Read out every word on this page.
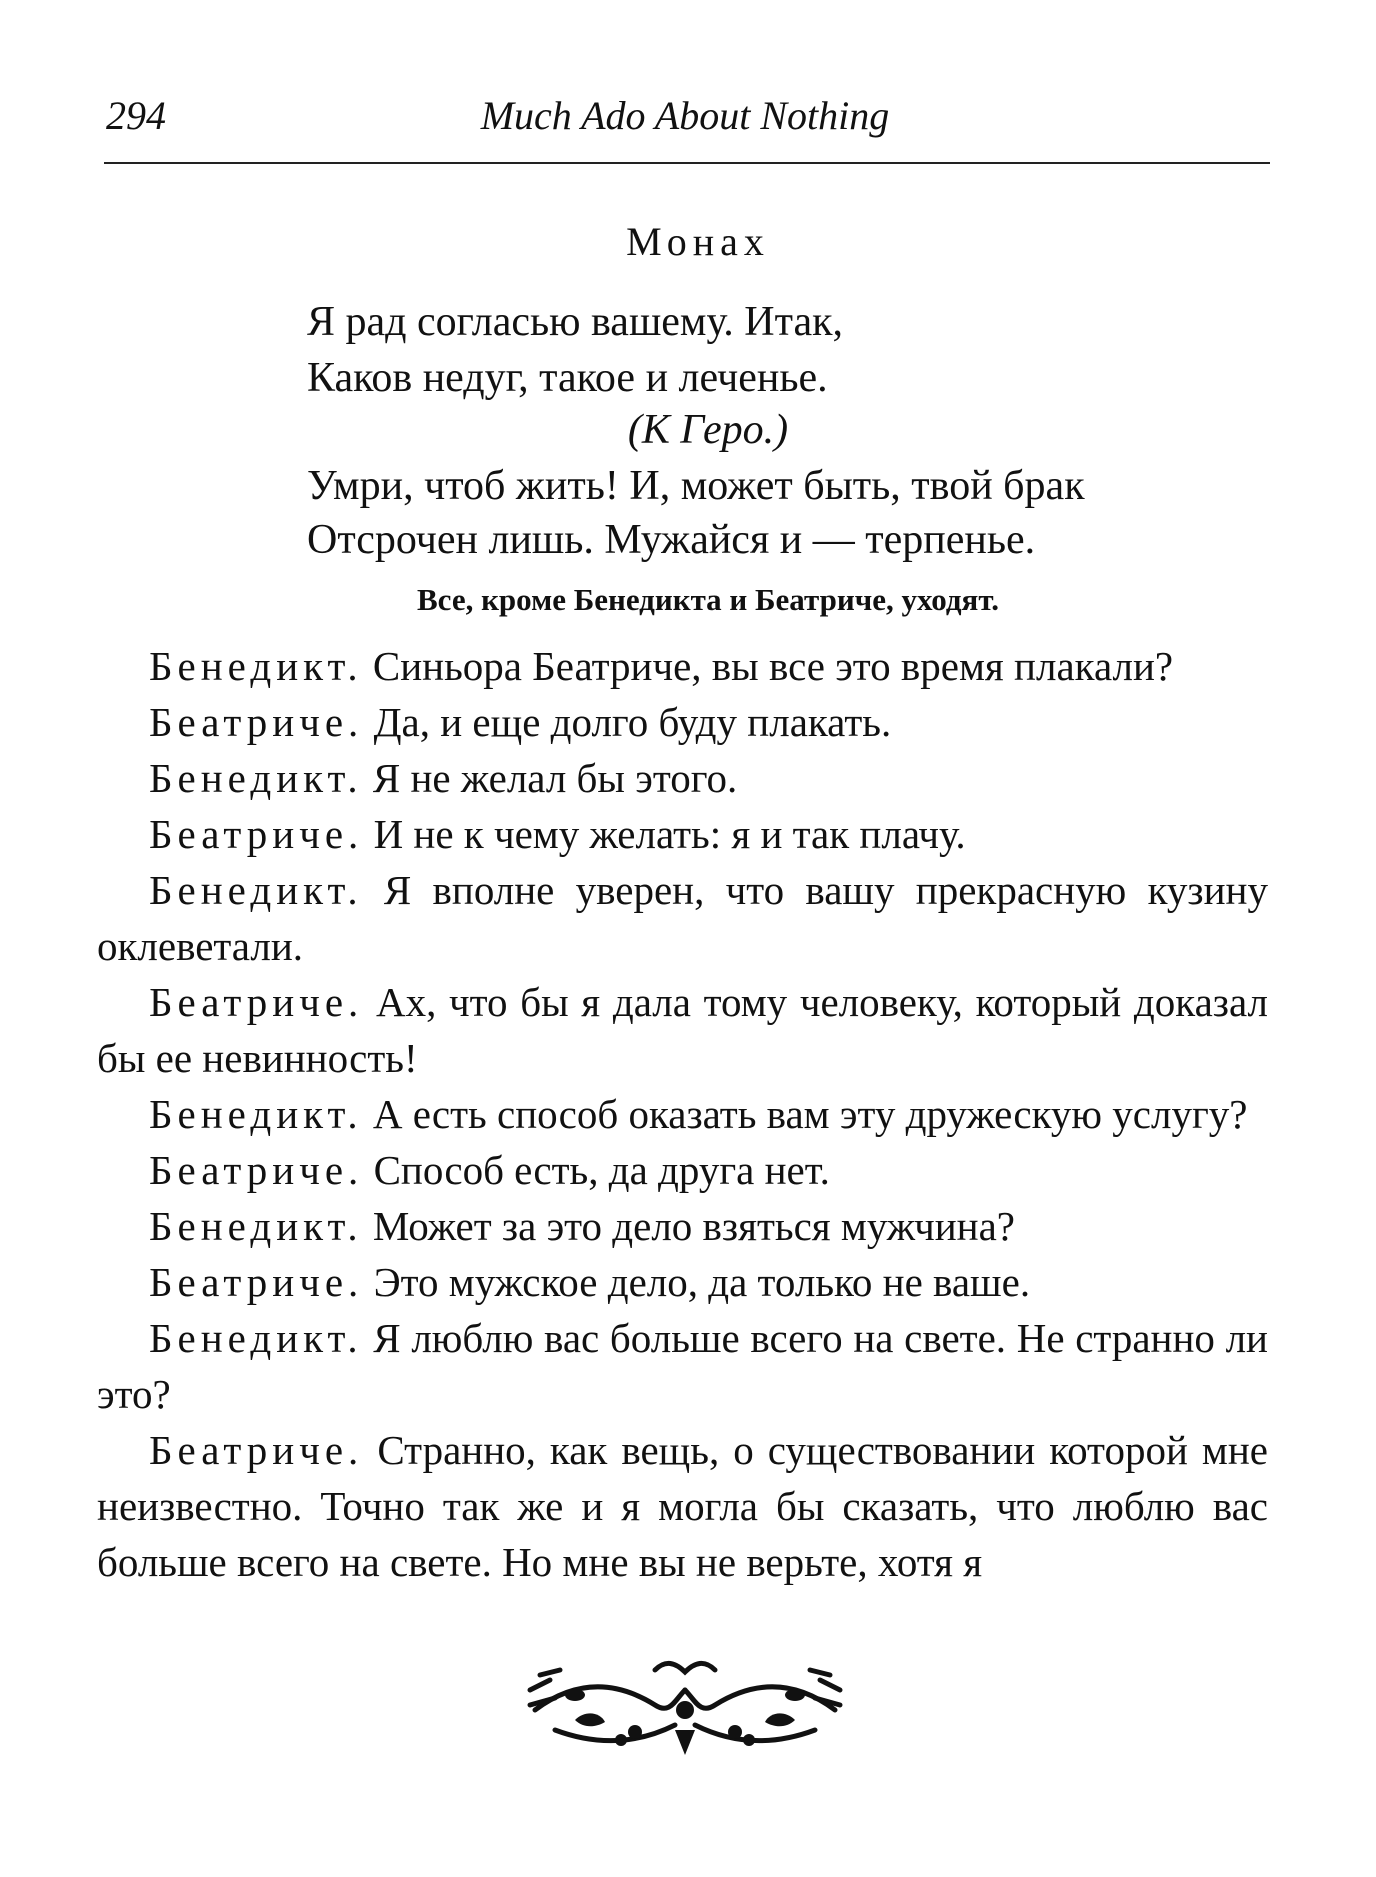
294	Much Ado About Nothing
Монах
Я рад согласью вашему. Итак,
Каков недуг, такое и леченье.
(К Геро.)
Умри, чтоб жить! И, может быть, твой брак
Отсрочен лишь. Мужайся и — терпенье.
Все, кроме Бенедикта и Беатриче, уходят.

Бенедикт. Синьора Беатриче, вы все это время плакали?

Беатриче. Да, и еще долго буду плакать.

Бенедикт. Я не желал бы этого.

Беатриче. И не к чему желать: я и так плачу.

Бенедикт. Я вполне уверен, что вашу прекрасную кузину оклеветали.

Беатриче. Ах, что бы я дала тому человеку, который доказал бы ее невинность!

Бенедикт. А есть способ оказать вам эту дружескую услугу?

Беатриче. Способ есть, да друга нет.

Бенедикт. Может за это дело взяться мужчина?

Беатриче. Это мужское дело, да только не ваше.

Бенедикт. Я люблю вас больше всего на свете. Не странно ли это?

Беатриче. Странно, как вещь, о существовании которой мне неизвестно. Точно так же и я могла бы сказать, что люблю вас больше всего на свете. Но мне вы не верьте, хотя я
